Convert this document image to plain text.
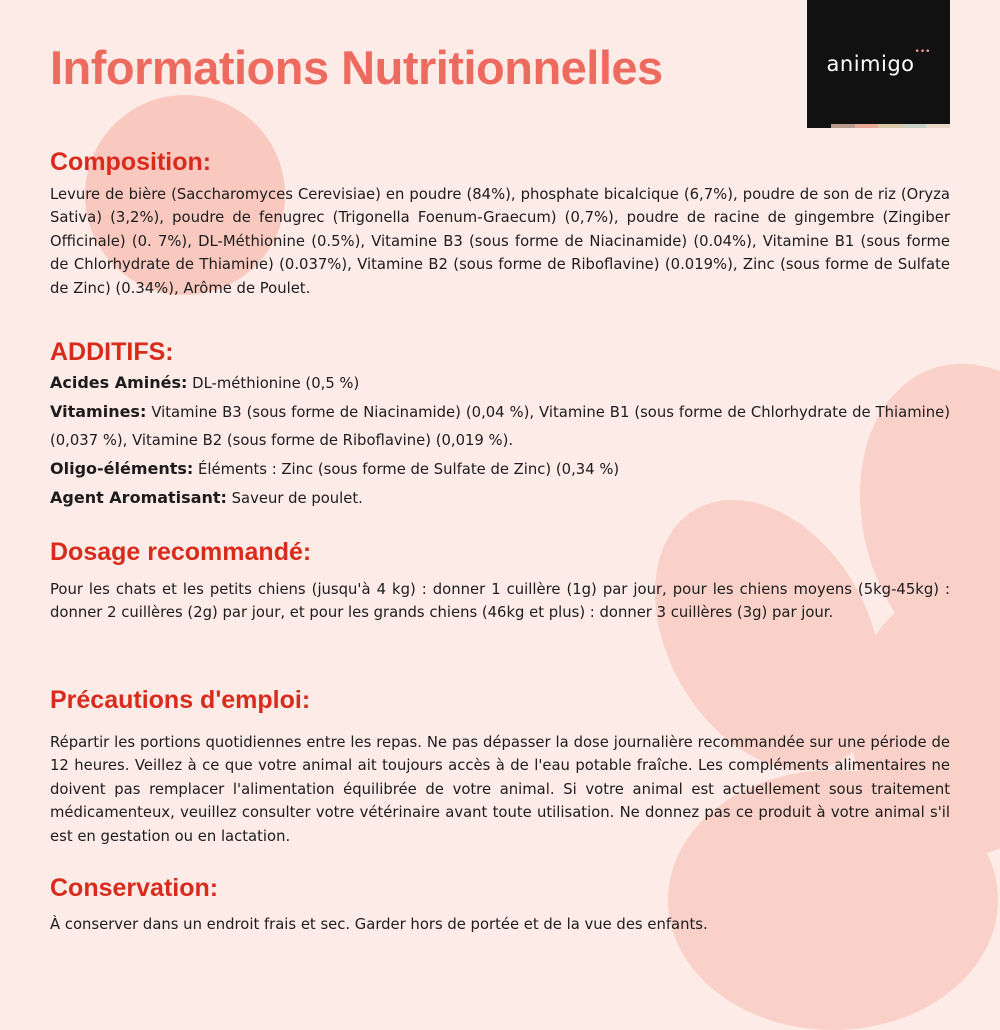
Informations Nutritionnelles	animigo •••
Composition:

Levure de bière (Saccharomyces Cerevisiae) en poudre (84%), phosphate bicalcique (6,7%), poudre de son de riz (Oryza Sativa) (3,2%), poudre de fenugrec (Trigonella Foenum-Graecum) (0,7%), poudre de racine de gingembre (Zingiber Officinale) (0. 7%), DL-Méthionine (0.5%), Vitamine B3 (sous forme de Niacinamide) (0.04%), Vitamine B1 (sous forme de Chlorhydrate de Thiamine) (0.037%), Vitamine B2 (sous forme de Riboflavine) (0.019%), Zinc (sous forme de Sulfate de Zinc) (0.34%), Arôme de Poulet.

ADDITIFS:

Acides Aminés: DL-méthionine (0,5 %)

Vitamines: Vitamine B3 (sous forme de Niacinamide) (0,04 %), Vitamine B1 (sous forme de Chlorhydrate de Thiamine) (0,037 %), Vitamine B2 (sous forme de Riboflavine) (0,019 %).

Oligo-éléments: Éléments : Zinc (sous forme de Sulfate de Zinc) (0,34 %)

Agent Aromatisant: Saveur de poulet.

Dosage recommandé:

Pour les chats et les petits chiens (jusqu'à 4 kg) : donner 1 cuillère (1g) par jour, pour les chiens moyens (5kg-45kg) : donner 2 cuillères (2g) par jour, et pour les grands chiens (46kg et plus) : donner 3 cuillères (3g) par jour.

Précautions d'emploi:

Répartir les portions quotidiennes entre les repas. Ne pas dépasser la dose journalière recommandée sur une période de 12 heures. Veillez à ce que votre animal ait toujours accès à de l'eau potable fraîche. Les compléments alimentaires ne doivent pas remplacer l'alimentation équilibrée de votre animal. Si votre animal est actuellement sous traitement médicamenteux, veuillez consulter votre vétérinaire avant toute utilisation. Ne donnez pas ce produit à votre animal s'il est en gestation ou en lactation.

Conservation:

À conserver dans un endroit frais et sec. Garder hors de portée et de la vue des enfants.
